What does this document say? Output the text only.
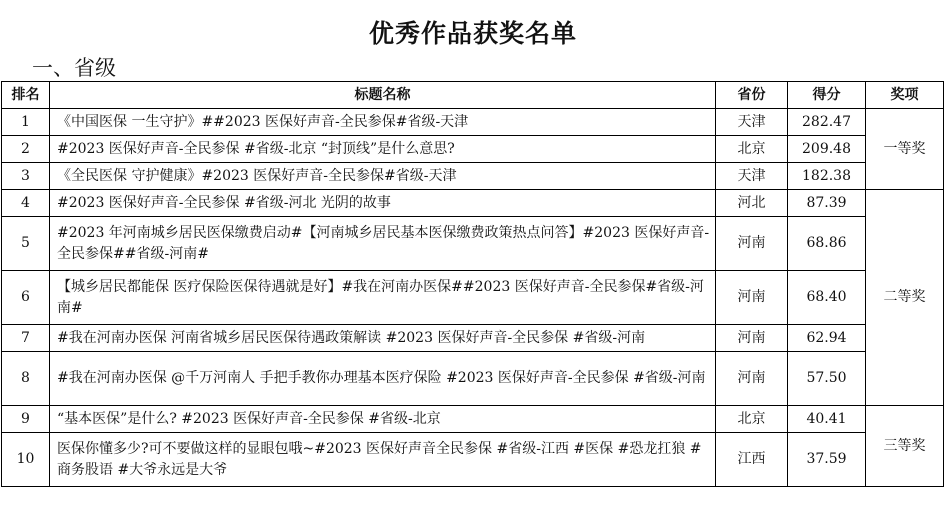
优秀作品获奖名单
一、省级
排名	标题名称	省份	得分	奖项
1	《中国医保 一生守护》##2023 医保好声音-全民参保#省级-天津	天津	282.47	一等奖
2	#2023 医保好声音-全民参保 #省级-北京 “封顶线”是什么意思?	北京	209.48	
3	《全民医保 守护健康》#2023 医保好声音-全民参保#省级-天津	天津	182.38	
4	#2023 医保好声音-全民参保 #省级-河北 光阴的故事	河北	87.39	二等奖
5	#2023 年河南城乡居民医保缴费启动#【河南城乡居民基本医保缴费政策热点问答】#2023 医保好声音-全民参保##省级-河南#	河南	68.86	
6	【城乡居民都能保 医疗保险医保待遇就是好】#我在河南办医保##2023 医保好声音-全民参保#省级-河南#	河南	68.40	
7	#我在河南办医保 河南省城乡居民医保待遇政策解读 #2023 医保好声音-全民参保 #省级-河南	河南	62.94	
8	#我在河南办医保 @千万河南人 手把手教你办理基本医疗保险 #2023 医保好声音-全民参保 #省级-河南	河南	57.50	
9	“基本医保”是什么? #2023 医保好声音-全民参保 #省级-北京	北京	40.41	三等奖
10	医保你懂多少?可不要做这样的显眼包哦~#2023 医保好声音全民参保 #省级-江西 #医保 #恐龙扛狼 #商务股语 #大爷永远是大爷	江西	37.59	
